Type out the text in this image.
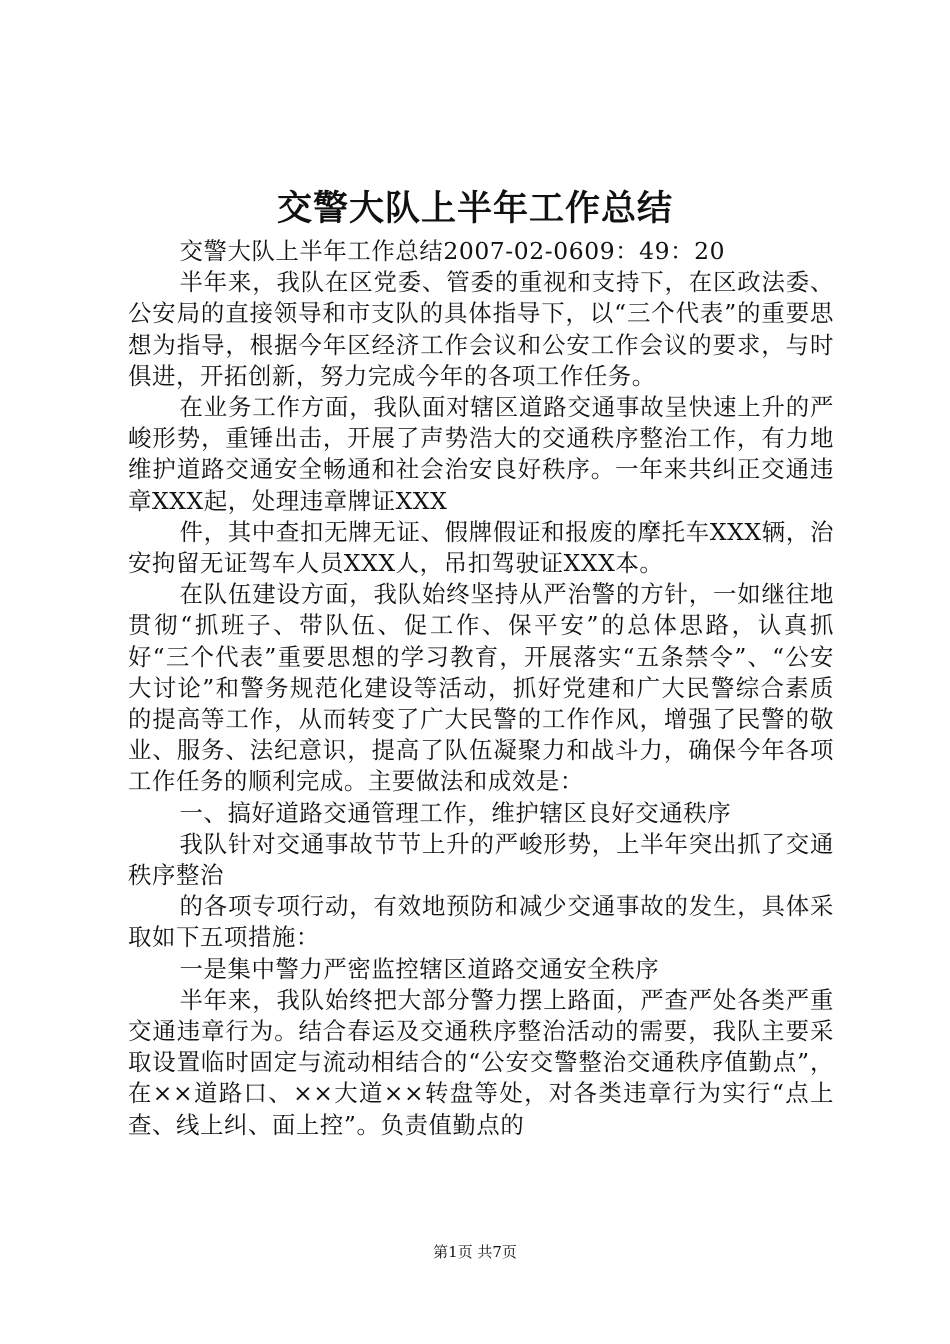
交警大队上半年工作总结

交警大队上半年工作总结2007-02-0609：49：20

半年来，我队在区党委、管委的重视和支持下，在区政法委、公安局的直接领导和市支队的具体指导下，以“三个代表”的重要思想为指导，根据今年区经济工作会议和公安工作会议的要求，与时俱进，开拓创新，努力完成今年的各项工作任务。

在业务工作方面，我队面对辖区道路交通事故呈快速上升的严峻形势，重锤出击，开展了声势浩大的交通秩序整治工作，有力地维护道路交通安全畅通和社会治安良好秩序。一年来共纠正交通违章XXX起，处理违章牌证XXX

件，其中查扣无牌无证、假牌假证和报废的摩托车XXX辆，治安拘留无证驾车人员XXX人，吊扣驾驶证XXX本。

在队伍建设方面，我队始终坚持从严治警的方针，一如继往地贯彻“抓班子、带队伍、促工作、保平安”的总体思路，认真抓好“三个代表”重要思想的学习教育，开展落实“五条禁令”、“公安大讨论”和警务规范化建设等活动，抓好党建和广大民警综合素质的提高等工作，从而转变了广大民警的工作作风，增强了民警的敬业、服务、法纪意识，提高了队伍凝聚力和战斗力，确保今年各项工作任务的顺利完成。主要做法和成效是：

一、搞好道路交通管理工作，维护辖区良好交通秩序

我队针对交通事故节节上升的严峻形势，上半年突出抓了交通秩序整治

的各项专项行动，有效地预防和减少交通事故的发生，具体采取如下五项措施：

一是集中警力严密监控辖区道路交通安全秩序

半年来，我队始终把大部分警力摆上路面，严查严处各类严重交通违章行为。结合春运及交通秩序整治活动的需要，我队主要采取设置临时固定与流动相结合的“公安交警整治交通秩序值勤点”，在××道路口、××大道××转盘等处，对各类违章行为实行“点上查、线上纠、面上控”。负责值勤点的

第1页 共7页
